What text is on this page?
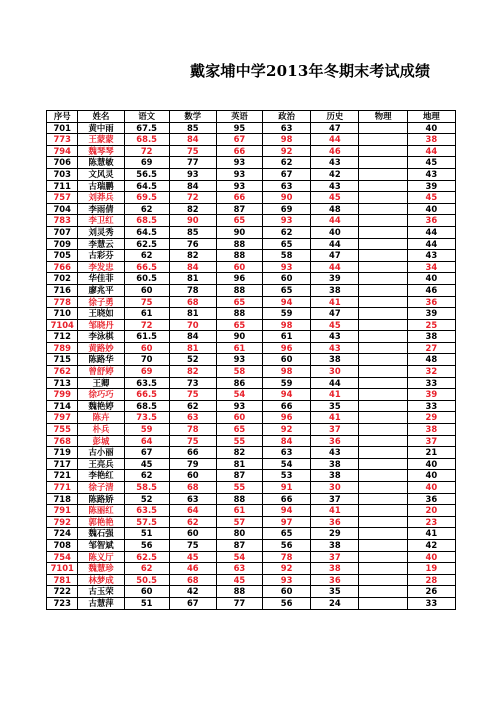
戴家埔中学2013年冬期末考试成绩
序号	姓名	语文	数学	英语	政治	历史	物理	地理
701	黄中雨	67.5	85	95	63	47		40
773	王蒙蒙	68.5	84	67	98	44		38
794	魏琴琴	72	75	66	92	46		44
706	陈慧敏	69	77	93	62	43		45
703	文风灵	56.5	93	93	67	42		43
711	古瑞鹏	64.5	84	93	63	43		39
757	刘莽兵	69.5	72	66	90	45		45
704	李雨倩	62	82	87	69	48		40
783	李卫红	68.5	90	65	93	44		36
707	刘灵秀	64.5	85	90	62	40		44
709	李慧云	62.5	76	88	65	44		44
705	古彩芬	62	82	88	58	47		43
766	李发忠	66.5	84	60	93	44		34
702	华佳菲	60.5	81	96	60	39		40
716	廖兆平	60	78	88	65	38		46
778	徐子勇	75	68	65	94	41		36
710	王晓如	61	81	88	59	47		39
7104	邹晓丹	72	70	65	98	45		25
712	李泳棋	61.5	84	90	61	43		38
789	黄路妙	60	81	61	96	43		27
715	陈路华	70	52	93	60	38		48
762	曾舒婷	69	82	58	98	30		32
713	王卿	63.5	73	86	59	44		33
799	徐巧巧	66.5	75	54	94	41		39
714	魏艳婷	68.5	62	93	66	35		33
797	陈卉	73.5	63	60	96	41		29
755	朴兵	59	78	65	92	37		38
768	彭城	64	75	55	84	36		37
719	古小丽	67	66	82	63	43		21
717	王亮兵	45	79	81	54	38		40
721	李艳红	62	60	87	53	38		40
771	徐子清	58.5	68	55	91	30		40
718	陈路娇	52	63	88	66	37		36
791	陈丽红	63.5	64	61	94	41		20
792	郭艳艳	57.5	62	57	97	36		23
724	魏石强	51	60	80	65	29		41
708	邹智斌	56	75	87	56	38		42
754	陈义厅	62.5	45	54	78	37		40
7101	魏慧珍	62	46	63	92	38		19
781	林梦成	50.5	68	45	93	36		28
722	古玉荣	60	42	88	60	35		26
723	古慧萍	51	67	77	56	24		33
